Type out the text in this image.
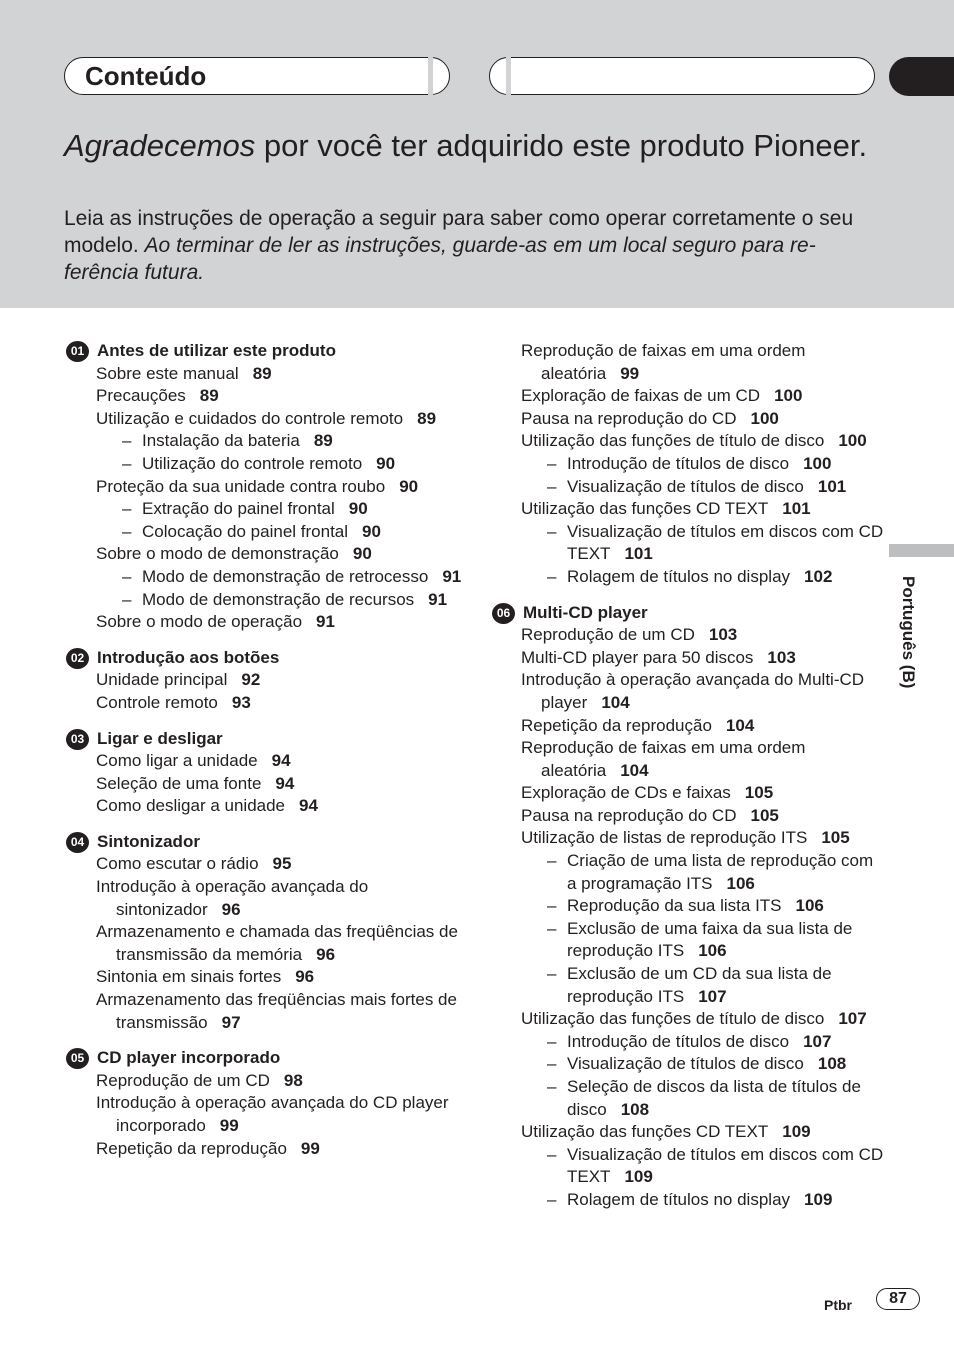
Conteúdo
Agradecemos por você ter adquirido este produto Pioneer.

Leia as instruções de operação a seguir para saber como operar corretamente o seu modelo. Ao terminar de ler as instruções, guarde-as em um local seguro para re- ferência futura.

01 Antes de utilizar este produto
Sobre este manual 89
Precauções 89
Utilização e cuidados do controle remoto 89
– Instalação da bateria 89
– Utilização do controle remoto 90
Proteção da sua unidade contra roubo 90
– Extração do painel frontal 90
– Colocação do painel frontal 90
Sobre o modo de demonstração 90
– Modo de demonstração de retrocesso 91
– Modo de demonstração de recursos 91
Sobre o modo de operação 91
02 Introdução aos botões
Unidade principal 92
Controle remoto 93
03 Ligar e desligar
Como ligar a unidade 94
Seleção de uma fonte 94
Como desligar a unidade 94
04 Sintonizador
Como escutar o rádio 95
Introdução à operação avançada do sintonizador 96
Armazenamento e chamada das freqüências de transmissão da memória 96
Sintonia em sinais fortes 96
Armazenamento das freqüências mais fortes de transmissão 97
05 CD player incorporado
Reprodução de um CD 98
Introdução à operação avançada do CD player incorporado 99
Repetição da reprodução 99
Reprodução de faixas em uma ordem aleatória 99
Exploração de faixas de um CD 100
Pausa na reprodução do CD 100
Utilização das funções de título de disco 100
– Introdução de títulos de disco 100
– Visualização de títulos de disco 101
Utilização das funções CD TEXT 101
– Visualização de títulos em discos com CD TEXT 101
– Rolagem de títulos no display 102
06 Multi-CD player
Reprodução de um CD 103
Multi-CD player para 50 discos 103
Introdução à operação avançada do Multi-CD player 104
Repetição da reprodução 104
Reprodução de faixas em uma ordem aleatória 104
Exploração de CDs e faixas 105
Pausa na reprodução do CD 105
Utilização de listas de reprodução ITS 105
– Criação de uma lista de reprodução com a programação ITS 106
– Reprodução da sua lista ITS 106
– Exclusão de uma faixa da sua lista de reprodução ITS 106
– Exclusão de um CD da sua lista de reprodução ITS 107
Utilização das funções de título de disco 107
– Introdução de títulos de disco 107
– Visualização de títulos de disco 108
– Seleção de discos da lista de títulos de disco 108
Utilização das funções CD TEXT 109
– Visualização de títulos em discos com CD TEXT 109
– Rolagem de títulos no display 109
Português (B)
Ptbr	87
